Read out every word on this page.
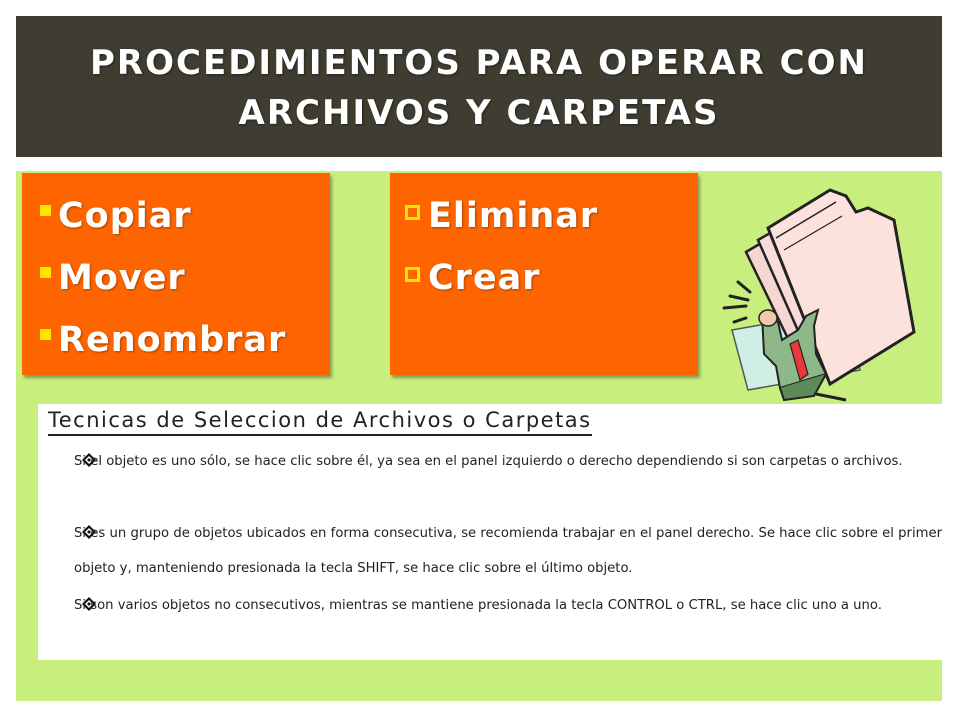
PROCEDIMIENTOS PARA OPERAR CON ARCHIVOS Y CARPETAS
Copiar
Mover
Renombrar
Eliminar
Crear
Tecnicas de Seleccion de Archivos o Carpetas
Si el objeto es uno sólo, se hace clic sobre él, ya sea en el panel izquierdo o derecho dependiendo si son carpetas o archivos.
Si es un grupo de objetos ubicados en forma consecutiva, se recomienda trabajar en el panel derecho. Se hace clic sobre el primer objeto y, manteniendo presionada la tecla SHIFT, se hace clic sobre el último objeto.
Si son varios objetos no consecutivos, mientras se mantiene presionada la tecla CONTROL o CTRL, se hace clic uno a uno.
